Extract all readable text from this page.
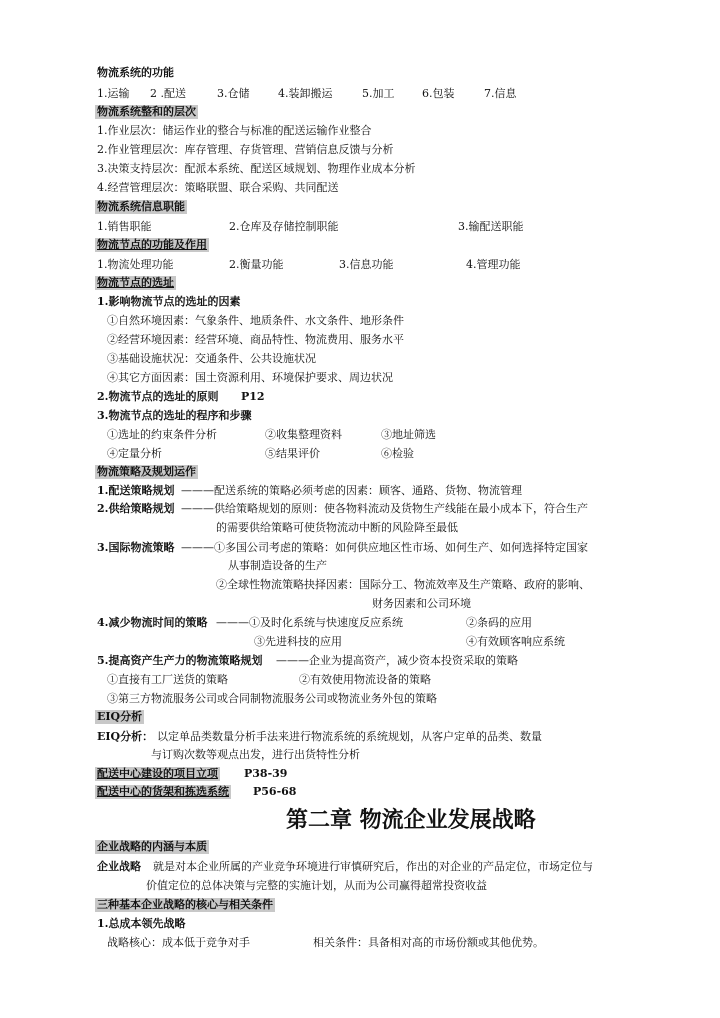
物流系统的功能
1.运输 2 .配送	3.仓储	4.装卸搬运	5.加工	6.包装	7.信息
物流系统整和的层次
1.作业层次：储运作业的整合与标准的配送运输作业整合
2.作业管理层次：库存管理、存货管理、营销信息反馈与分析
3.决策支持层次：配派本系统、配送区域规划、物理作业成本分析
4.经营管理层次：策略联盟、联合采购、共同配送
物流系统信息职能
1.销售职能	2.仓库及存储控制职能	3.输配送职能
物流节点的功能及作用
1.物流处理功能	2.衡量功能	3.信息功能	4.管理功能
物流节点的选址
1.影响物流节点的选址的因素
①自然环境因素：气象条件、地质条件、水文条件、地形条件
②经营环境因素：经营环境、商品特性、物流费用、服务水平
③基础设施状况：交通条件、公共设施状况
④其它方面因素：国土资源利用、环境保护要求、周边状况
2.物流节点的选址的原则 P12
3.物流节点的选址的程序和步骤
①选址的约束条件分析	②收集整理资料	③地址筛选
④定量分析	⑤结果评价	⑥检验
物流策略及规划运作
1.配送策略规划 ———配送系统的策略必须考虑的因素：顾客、通路、货物、物流管理
2.供给策略规划 ———供给策略规划的原则：使各物料流动及货物生产线能在最小成本下，符合生产
的需要供给策略可使货物流动中断的风险降至最低
3.国际物流策略 ———①多国公司考虑的策略：如何供应地区性市场、如何生产、如何选择特定国家
从事制造设备的生产
②全球性物流策略抉择因素：国际分工、物流效率及生产策略、政府的影响、
财务因素和公司环境
4.减少物流时间的策略 ———①及时化系统与快速度反应系统	②条码的应用
③先进科技的应用	④有效顾客响应系统
5.提高资产生产力的物流策略规划 ———企业为提高资产，减少资本投资采取的策略
①直接有工厂送货的策略	②有效使用物流设备的策略
③第三方物流服务公司或合同制物流服务公司或物流业务外包的策略
EIQ分析
EIQ分析： 以定单品类数量分析手法来进行物流系统的系统规划，从客户定单的品类、数量
与订购次数等观点出发，进行出货特性分析
配送中心建设的项目立项 P38-39
配送中心的货架和拣选系统 P56-68
第二章 物流企业发展战略
企业战略的内涵与本质
企业战略 就是对本企业所属的产业竞争环境进行审慎研究后，作出的对企业的产品定位，市场定位与
价值定位的总体决策与完整的实施计划，从而为公司赢得超常投资收益
三种基本企业战略的核心与相关条件
1.总成本领先战略
战略核心：成本低于竞争对手	相关条件：具备相对高的市场份额或其他优势。
